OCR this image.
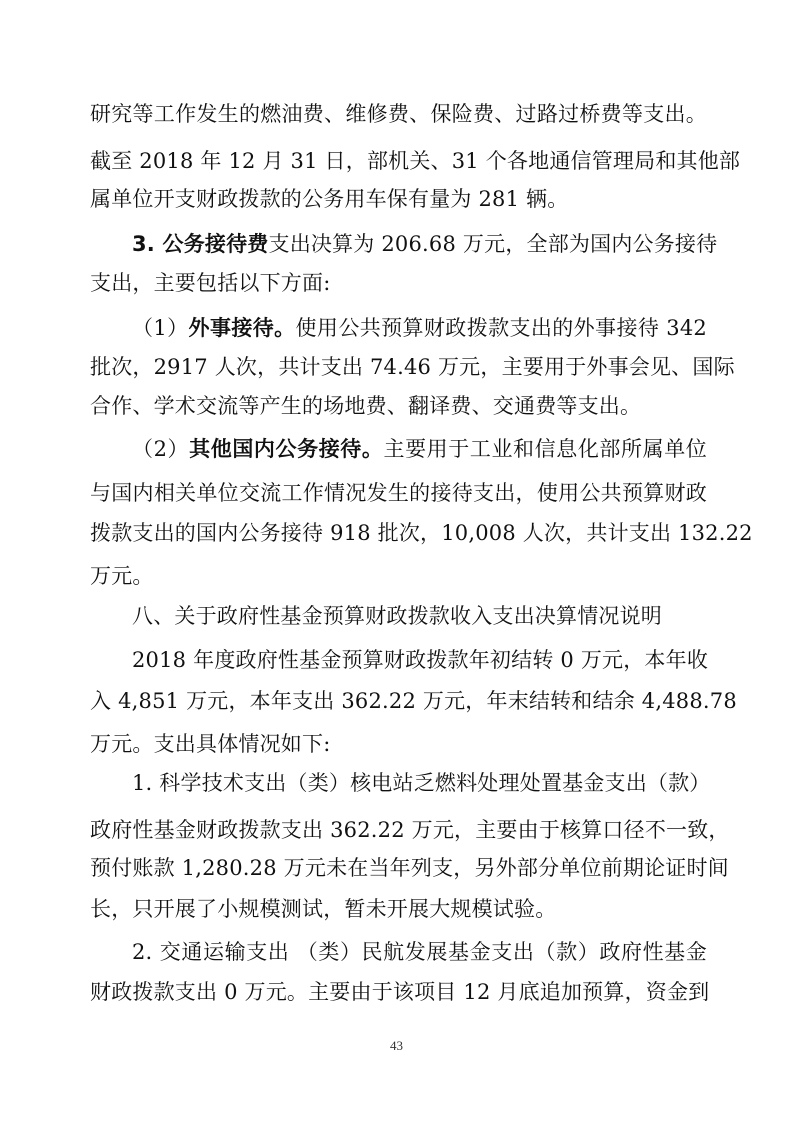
研究等工作发生的燃油费、维修费、保险费、过路过桥费等支出。
截至 2018 年 12 月 31 日，部机关、31 个各地通信管理局和其他部
属单位开支财政拨款的公务用车保有量为 281 辆。
3. 公务接待费支出决算为 206.68 万元，全部为国内公务接待
支出，主要包括以下方面:
（1）外事接待。使用公共预算财政拨款支出的外事接待 342
批次，2917 人次，共计支出 74.46 万元，主要用于外事会见、国际
合作、学术交流等产生的场地费、翻译费、交通费等支出。
（2）其他国内公务接待。主要用于工业和信息化部所属单位
与国内相关单位交流工作情况发生的接待支出，使用公共预算财政
拨款支出的国内公务接待 918 批次，10,008 人次，共计支出 132.22
万元。
八、关于政府性基金预算财政拨款收入支出决算情况说明
2018 年度政府性基金预算财政拨款年初结转 0 万元，本年收
入 4,851 万元，本年支出 362.22 万元，年末结转和结余 4,488.78
万元。支出具体情况如下:
1. 科学技术支出（类）核电站乏燃料处理处置基金支出（款）
政府性基金财政拨款支出 362.22 万元，主要由于核算口径不一致，
预付账款 1,280.28 万元未在当年列支，另外部分单位前期论证时间
长，只开展了小规模测试，暂未开展大规模试验。
2. 交通运输支出 （类）民航发展基金支出（款）政府性基金
财政拨款支出 0 万元。主要由于该项目 12 月底追加预算，资金到
43
